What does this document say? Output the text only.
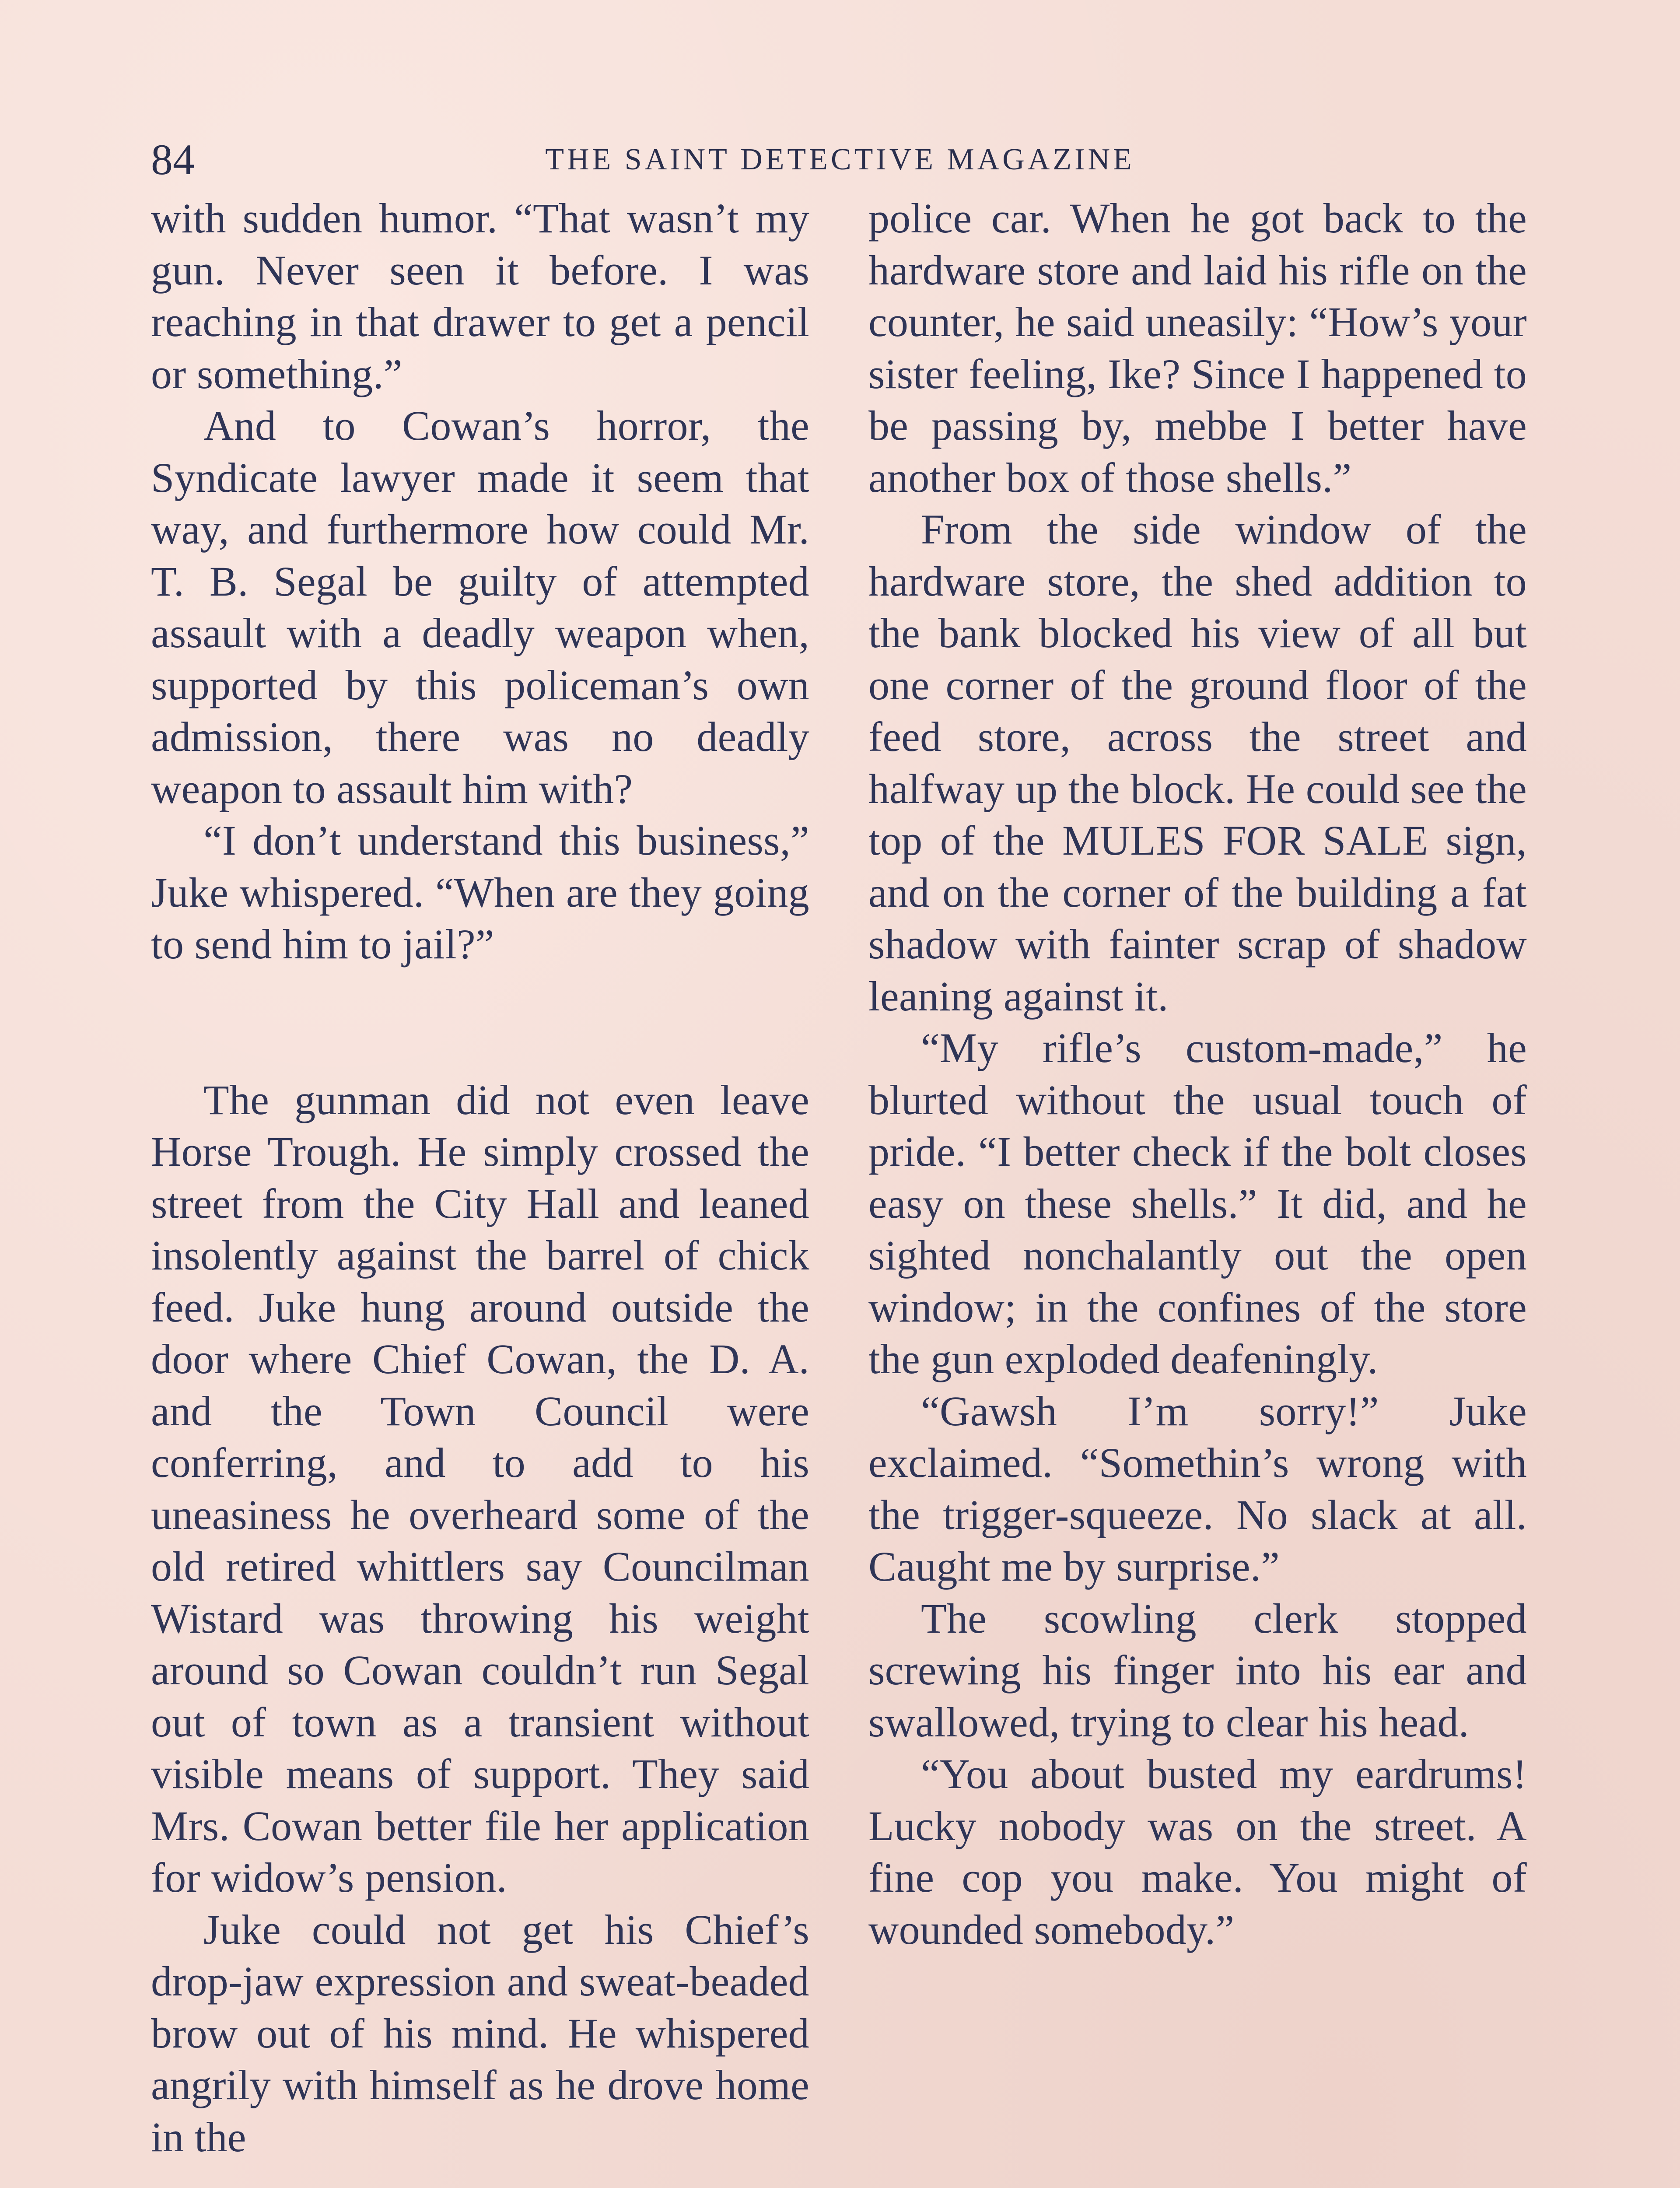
84	THE SAINT DETECTIVE MAGAZINE

with sudden humor. “That wasn’t my gun. Never seen it before. I was reaching in that drawer to get a pencil or something.”

And to Cowan’s horror, the Syndicate lawyer made it seem that way, and furthermore how could Mr. T. B. Segal be guilty of attempted assault with a deadly weapon when, supported by this policeman’s own admission, there was no deadly weapon to assault him with?

“I don’t understand this business,” Juke whispered. “When are they going to send him to jail?”

The gunman did not even leave Horse Trough. He simply crossed the street from the City Hall and leaned insolently against the barrel of chick feed. Juke hung around outside the door where Chief Cowan, the D. A. and the Town Council were conferring, and to add to his uneasiness he overheard some of the old retired whittlers say Councilman Wistard was throwing his weight around so Cowan couldn’t run Segal out of town as a transient without visible means of support. They said Mrs. Cowan better file her application for widow’s pension.

Juke could not get his Chief’s drop-jaw expression and sweat-beaded brow out of his mind. He whispered angrily with himself as he drove home in the

police car. When he got back to the hardware store and laid his rifle on the counter, he said uneasily: “How’s your sister feeling, Ike? Since I happened to be passing by, mebbe I better have another box of those shells.”

From the side window of the hardware store, the shed addition to the bank blocked his view of all but one corner of the ground floor of the feed store, across the street and halfway up the block. He could see the top of the MULES FOR SALE sign, and on the corner of the building a fat shadow with fainter scrap of shadow leaning against it.

“My rifle’s custom-made,” he blurted without the usual touch of pride. “I better check if the bolt closes easy on these shells.” It did, and he sighted nonchalantly out the open window; in the confines of the store the gun exploded deafeningly.

“Gawsh I’m sorry!” Juke exclaimed. “Somethin’s wrong with the trigger-squeeze. No slack at all. Caught me by surprise.”

The scowling clerk stopped screwing his finger into his ear and swallowed, trying to clear his head.

“You about busted my eardrums! Lucky nobody was on the street. A fine cop you make. You might of wounded somebody.”
